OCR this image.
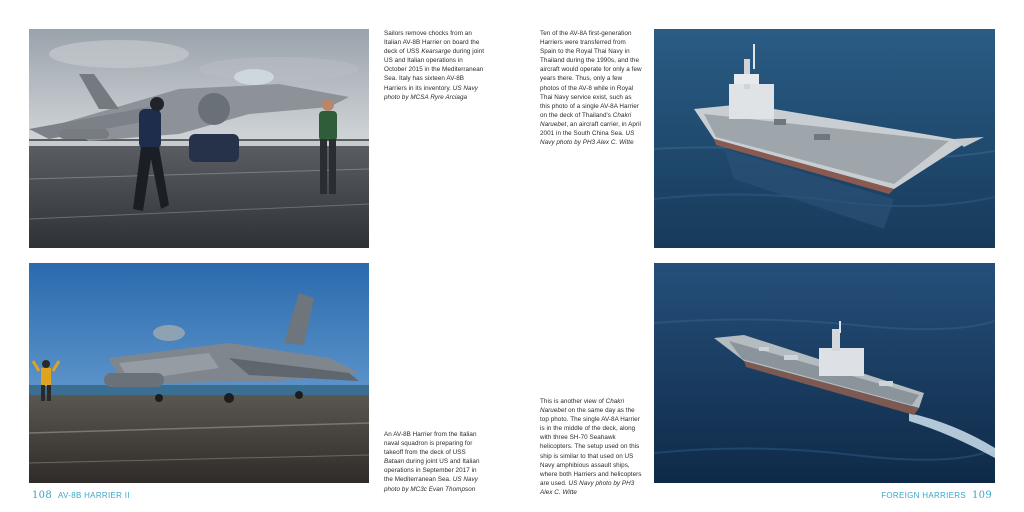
Sailors remove chocks from an Italian AV-8B Harrier on board the deck of USS Kearsarge during joint US and Italian operations in October 2015 in the Mediterranean Sea. Italy has sixteen AV-8B Harriers in its inventory. US Navy photo by MCSA Ryre Arciaga
Ten of the AV-8A first-generation Harriers were transferred from Spain to the Royal Thai Navy in Thailand during the 1990s, and the aircraft would operate for only a few years there. Thus, only a few photos of the AV-8 while in Royal Thai Navy service exist, such as this photo of a single AV-8A Harrier on the deck of Thailand's Chakri Naruebet, an aircraft carrier, in April 2001 in the South China Sea. US Navy photo by PH3 Alex C. Witte
An AV-8B Harrier from the Italian naval squadron is preparing for takeoff from the deck of USS Bataan during joint US and Italian operations in September 2017 in the Mediterranean Sea. US Navy photo by MC3c Evan Thompson
This is another view of Chakri Naruebet on the same day as the top photo. The single AV-8A Harrier is in the middle of the deck, along with three SH-70 Seahawk helicopters. The setup used on this ship is similar to that used on US Navy amphibious assault ships, where both Harriers and helicopters are used. US Navy photo by PH3 Alex C. Witte
108 AV-8B HARRIER II	FOREIGN HARRIERS 109
